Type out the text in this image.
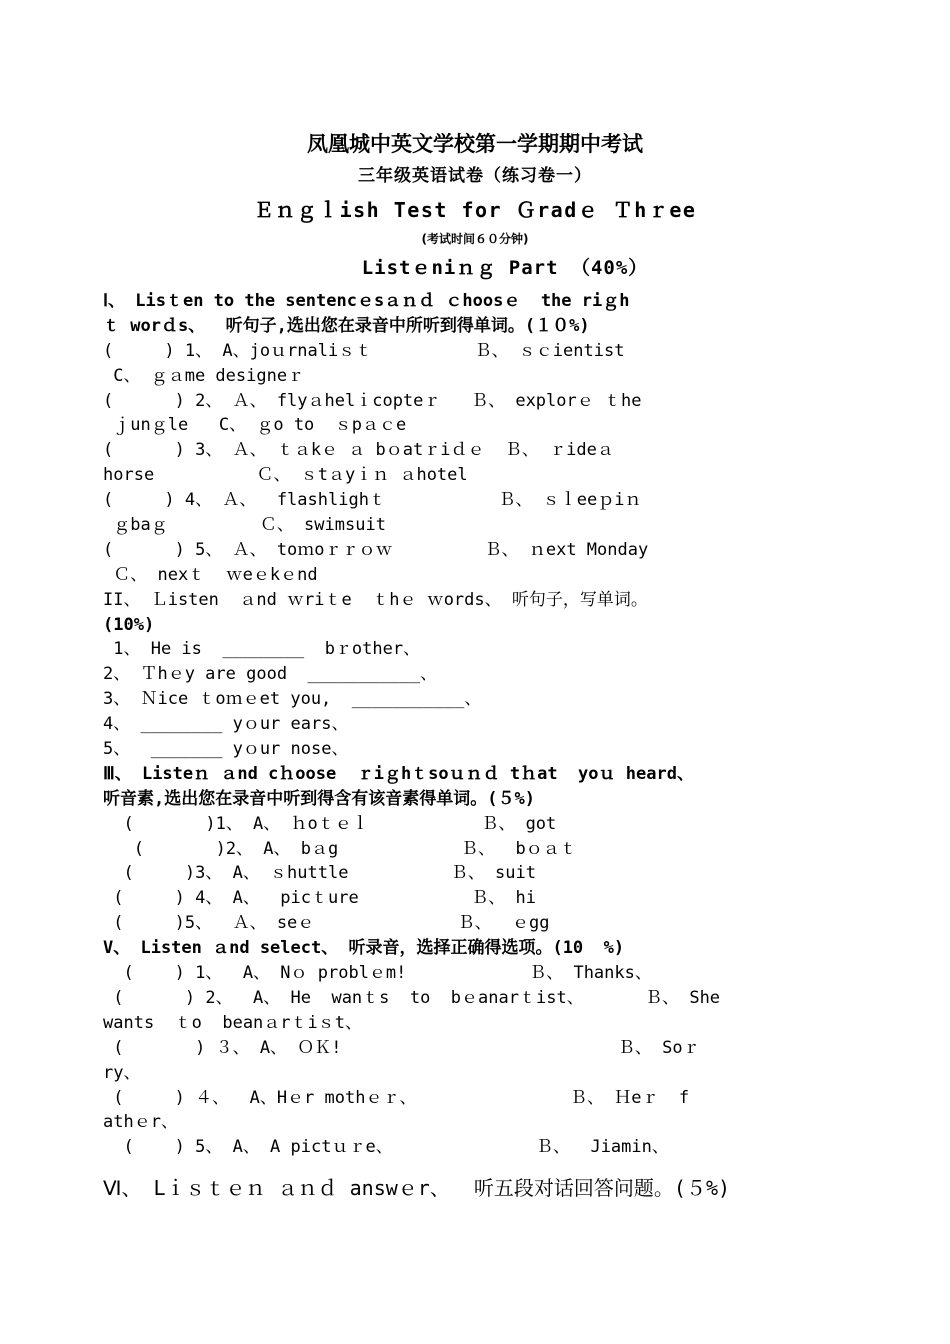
凤凰城中英文学校第一学期期中考试
三年级英语试卷（练习卷一）
Ｅｎｇｌish Test for Ｇradｅ Ｔhｒee
(考试时间６０分钟)
Listｅniｎｇ Part （40%）
Ⅰ、 Lisｔen to the sentencｅsａｎｄ ｃhoosｅ  the riｇh
ｔ worｄs、  听句子,选出您在录音中所听到得单词。(１０%)
(     ) 1、 A、joｕrnaliｓｔ          Ｂ、 ｓｃientist
C、 ｇａme designeｒ
(      ) 2、 Ａ、 flyａhelｉcopteｒ   Ｂ、 explorｅ ｔhe
ｊunｇle   C、 ｇo to  ｓpａｃe
(      ) 3、 Ａ、 ｔａkｅ ａ bｏatｒiｄｅ  Ｂ、 ｒideａ
horse          Ｃ、 ｓtａyｉｎ ａhotel
(     ) 4、 Ａ、  flashlighｔ           Ｂ、 ｓｌeeｐiｎ
ｇbaｇ         Ｃ、 swimsuit
(      ) 5、 Ａ、 toｍoｒｒｏｗ         Ｂ、 ｎext Monday
Ｃ、 nexｔ  ｗeｅkｅnd
II、 Ｌisten  ａnd ｗriｔe  ｔhｅ ｗords、 听句子，写单词。
(10%)
1、 He is  ________  bｒother、
2、 Ｔhｅy are good  ___________、
3、 Ｎice ｔoｍｅet you,  ___________、
4、 ________ yｏur ears、
5、  _______ yｏur nose、
Ⅲ、 Listeｎ ａnd cｈoose  ｒiｇhｔsoｕｎｄ tｈat  yoｕ heard、
听音素,选出您在录音中听到得含有该音素得单词。(５%)
(       )1、 A、 ｈoｔｅｌ           Ｂ、 got
(       )2、 A、 bａg            Ｂ、  bｏａｔ
(     )3、 A、 ｓhuttle          Ｂ、 suit
(     ) 4、 A、  picｔure           Ｂ、 hi
(     )5、  Ａ、 seｅ              Ｂ、  ｅgg
V、 Listen ａnd select、 听录音，选择正确得选项。(10  %)
(    ) 1、  A、 Nｏ problｅm!            Ｂ、 Thanks、
(      ) 2、  A、 He  wanｔs  to  bｅanarｔist、      Ｂ、 She
wants  ｔo  beanａrｔiｓt、
(       ) ３、 A、 ＯＫ!                           Ｂ、 Soｒ
ry、
(     ) ４、  A、Hｅr mothｅｒ、               Ｂ、 Ｈeｒ  f
athｅr、
(    ) 5、 A、 A pictｕｒe、              Ｂ、  Jiamin、
Ⅵ、 Lｉｓｔｅｎ ａｎｄ answｅr、  听五段对话回答问题。(５%)
